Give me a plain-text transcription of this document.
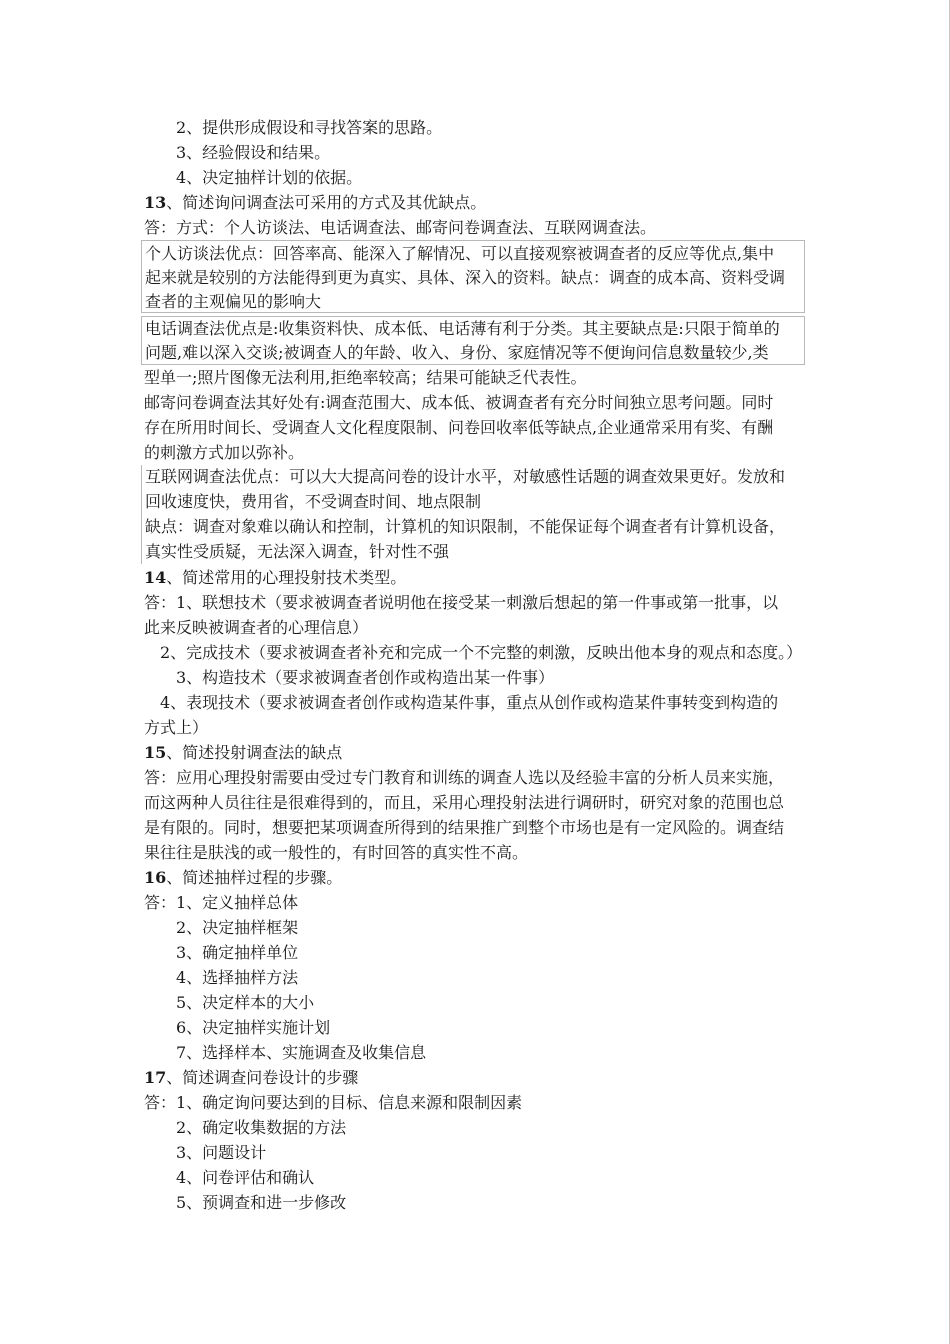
2、提供形成假设和寻找答案的思路。
3、经验假设和结果。
4、决定抽样计划的依据。
13、简述询问调查法可采用的方式及其优缺点。
答：方式：个人访谈法、电话调查法、邮寄问卷调查法、互联网调查法。
个人访谈法优点：回答率高、能深入了解情况、可以直接观察被调查者的反应等优点,集中
起来就是较别的方法能得到更为真实、具体、深入的资料。缺点：调查的成本高、资料受调
查者的主观偏见的影响大
电话调查法优点是:收集资料快、成本低、电话薄有利于分类。其主要缺点是:只限于简单的
问题,难以深入交谈;被调查人的年龄、收入、身份、家庭情况等不便询问信息数量较少,类
型单一;照片图像无法利用,拒绝率较高；结果可能缺乏代表性。
邮寄问卷调查法其好处有:调查范围大、成本低、被调查者有充分时间独立思考问题。同时
存在所用时间长、受调查人文化程度限制、问卷回收率低等缺点,企业通常采用有奖、有酬
的刺激方式加以弥补。
互联网调查法优点：可以大大提高问卷的设计水平，对敏感性话题的调查效果更好。发放和
回收速度快，费用省，不受调查时间、地点限制
缺点：调查对象难以确认和控制，计算机的知识限制，不能保证每个调查者有计算机设备，
真实性受质疑，无法深入调查，针对性不强
14、简述常用的心理投射技术类型。
答：1、联想技术（要求被调查者说明他在接受某一刺激后想起的第一件事或第一批事，以
此来反映被调查者的心理信息）
2、完成技术（要求被调查者补充和完成一个不完整的刺激，反映出他本身的观点和态度。）
3、构造技术（要求被调查者创作或构造出某一件事）
4、表现技术（要求被调查者创作或构造某件事，重点从创作或构造某件事转变到构造的
方式上）
15、简述投射调查法的缺点
答：应用心理投射需要由受过专门教育和训练的调查人选以及经验丰富的分析人员来实施，
而这两种人员往往是很难得到的，而且，采用心理投射法进行调研时，研究对象的范围也总
是有限的。同时，想要把某项调查所得到的结果推广到整个市场也是有一定风险的。调查结
果往往是肤浅的或一般性的，有时回答的真实性不高。
16、简述抽样过程的步骤。
答： 1、定义抽样总体
2、决定抽样框架
3、确定抽样单位
4、选择抽样方法
5、决定样本的大小
6、决定抽样实施计划
7、选择样本、实施调查及收集信息
17、简述调查问卷设计的步骤
答： 1、确定询问要达到的目标、信息来源和限制因素
2、确定收集数据的方法
3、问题设计
4、问卷评估和确认
5、预调查和进一步修改
